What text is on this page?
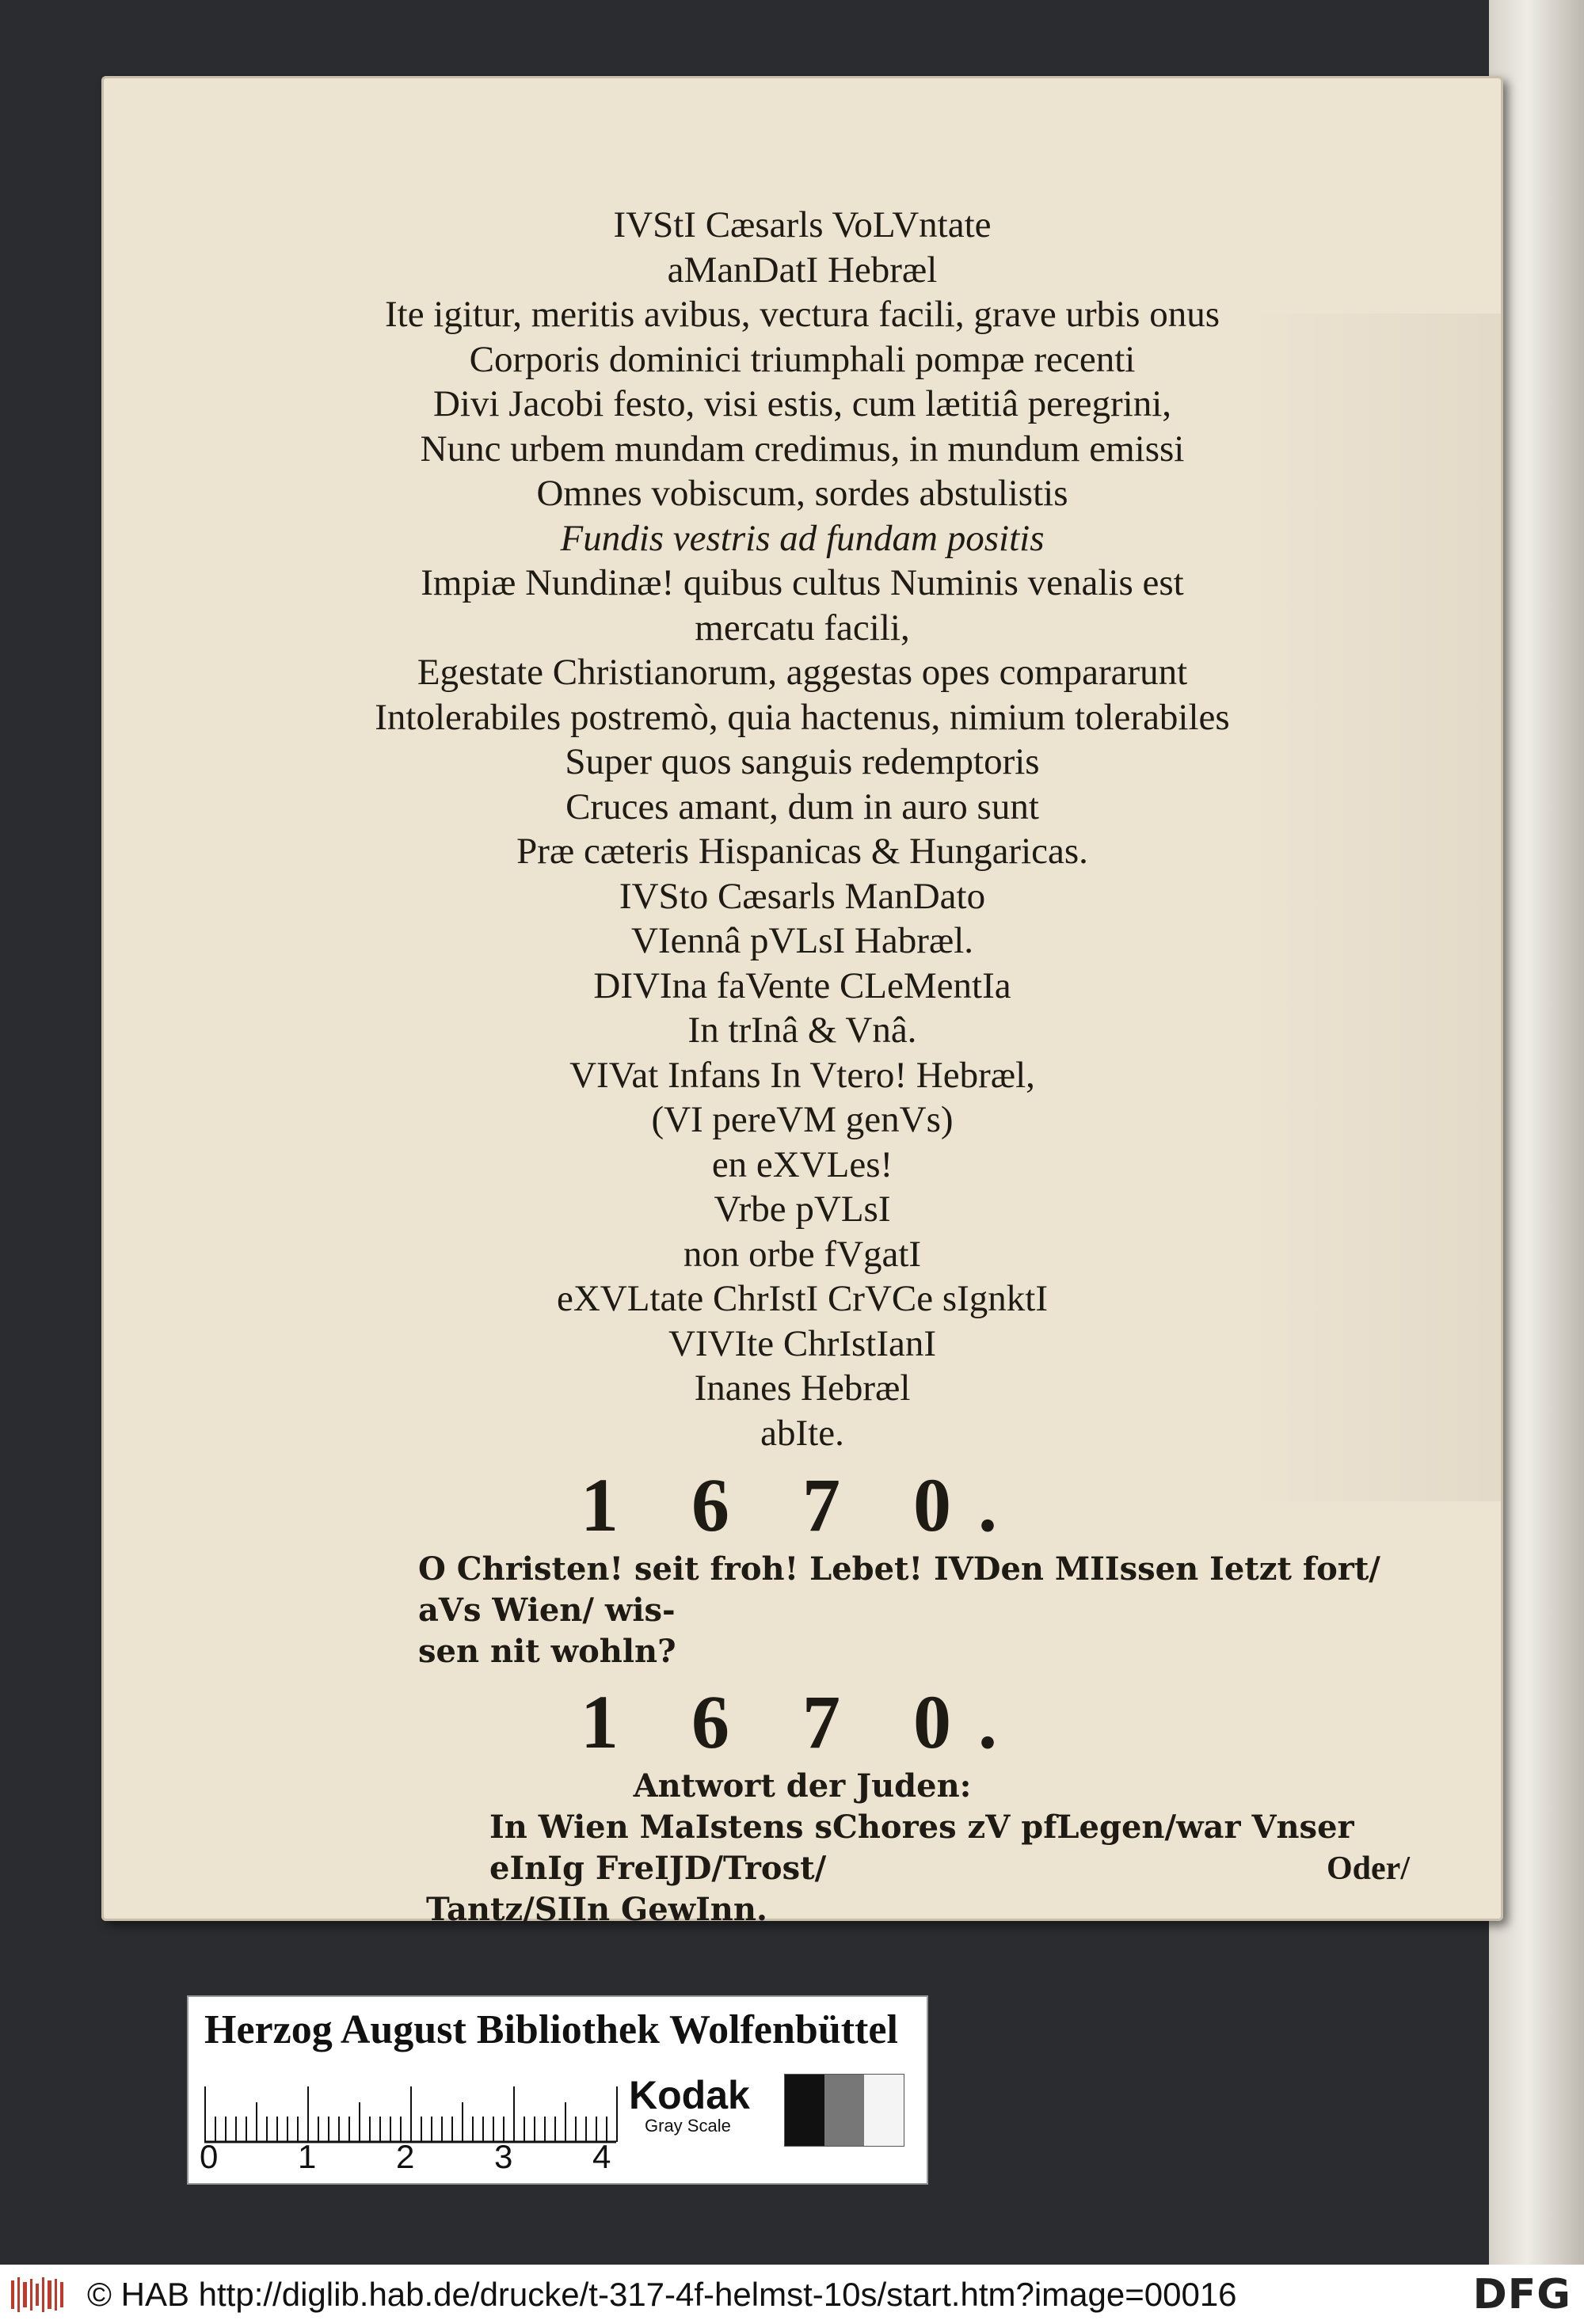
IVStI Cæsarls VoLVntate
aManDatI Hebræl
Ite igitur, meritis avibus, vectura facili, grave urbis onus
Corporis dominici triumphali pompæ recenti
Divi Jacobi festo, visi estis, cum lætitiâ peregrini,
Nunc urbem mundam credimus, in mundum emissi
Omnes vobiscum, sordes abstulistis
Fundis vestris ad fundam positis
Impiæ Nundinæ! quibus cultus Numinis venalis est
mercatu facili,
Egestate Christianorum, aggestas opes compararunt
Intolerabiles postremò, quia hactenus, nimium tolerabiles
Super quos sanguis redemptoris
Cruces amant, dum in auro sunt
Præ cæteris Hispanicas & Hungaricas.
IVSto Cæsarls ManDato
VIennâ pVLsI Habræl.
DIVIna faVente CLeMentIa
In trInâ & Vnâ.
VIVat Infans In Vtero! Hebræl,
(VI pereVM genVs)
en eXVLes!
Vrbe pVLsI
non orbe fVgatI
eXVLtate ChrIstI CrVCe sIgnktI
VIVIte ChrIstIanI
Inanes Hebræl
abIte.
1 6 7 0.
O Christen! seit froh! Lebet! IVDen MIIssen Ietzt fort/ aVs Wien/ wis-
sen nit wohln?
1 6 7 0.
Antwort der Juden:
In Wien MaIstens sChores zV pfLegen/war Vnser eInIg FreIJD/Trost/
Tantz/SIIn GewInn.
Oder/
Herzog August Bibliothek Wolfenbüttel
0 1 2 3 4
Kodak
Gray Scale
© HAB http://diglib.hab.de/drucke/t-317-4f-helmst-10s/start.htm?image=00016	DFG
